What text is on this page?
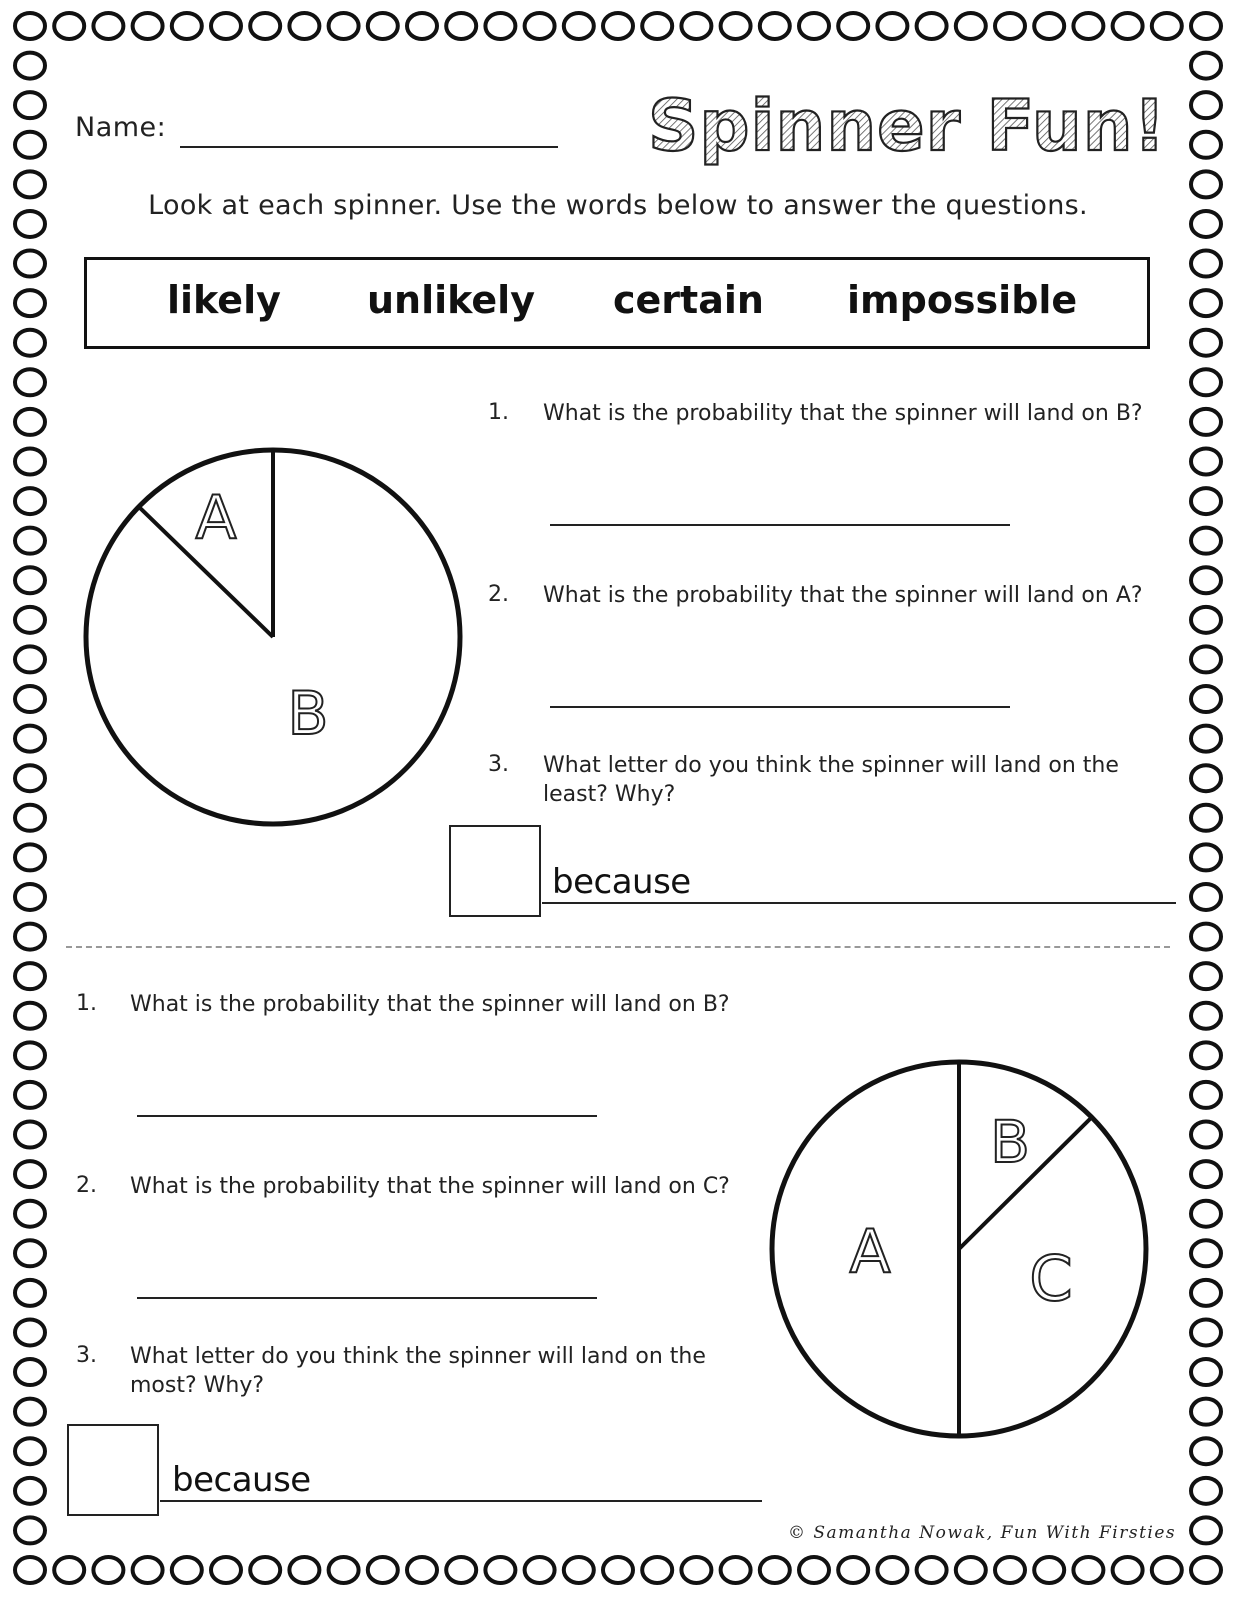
Name:	Spinner Fun!
Look at each spinner. Use the words below to answer the questions.
likely unlikely certain impossible
A
B
1. What is the probability that the spinner will land on B?
2. What is the probability that the spinner will land on A?
3. What letter do you think the spinner will land on the least? Why?
because
1. What is the probability that the spinner will land on B?
2. What is the probability that the spinner will land on C?
3. What letter do you think the spinner will land on the most? Why?
because
B
A C
© Samantha Nowak, Fun With Firsties
